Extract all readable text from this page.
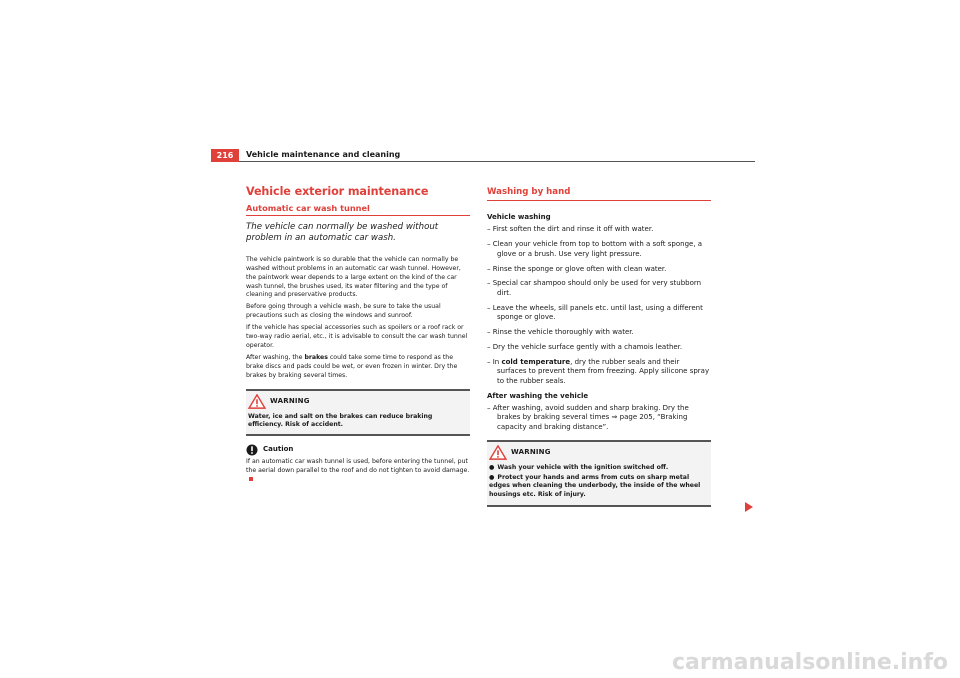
216	Vehicle maintenance and cleaning
Vehicle exterior maintenance
Automatic car wash tunnel
The vehicle can normally be washed without problem in an automatic car wash.

The vehicle paintwork is so durable that the vehicle can normally be washed without problems in an automatic car wash tunnel. However, the paintwork wear depends to a large extent on the kind of the car wash tunnel, the brushes used, its water filtering and the type of cleaning and preservative products.

Before going through a vehicle wash, be sure to take the usual precautions such as closing the windows and sunroof.

If the vehicle has special accessories such as spoilers or a roof rack or two-way radio aerial, etc., it is advisable to consult the car wash tunnel operator.

After washing, the brakes could take some time to respond as the brake discs and pads could be wet, or even frozen in winter. Dry the brakes by braking several times.

WARNING
Water, ice and salt on the brakes can reduce braking efficiency. Risk of accident.
Caution

If an automatic car wash tunnel is used, before entering the tunnel, put the aerial down parallel to the roof and do not tighten to avoid damage.

Washing by hand

Vehicle washing

– First soften the dirt and rinse it off with water.
– Clean your vehicle from top to bottom with a soft sponge, a glove or a brush. Use very light pressure.
– Rinse the sponge or glove often with clean water.
– Special car shampoo should only be used for very stubborn dirt.
– Leave the wheels, sill panels etc. until last, using a different sponge or glove.
– Rinse the vehicle thoroughly with water.
– Dry the vehicle surface gently with a chamois leather.
– In cold temperature, dry the rubber seals and their surfaces to prevent them from freezing. Apply silicone spray to the rubber seals.

After washing the vehicle

– After washing, avoid sudden and sharp braking. Dry the brakes by braking several times ⇒ page 205, “Braking capacity and braking distance”.
WARNING
● Wash your vehicle with the ignition switched off.
● Protect your hands and arms from cuts on sharp metal edges when cleaning the underbody, the inside of the wheel housings etc. Risk of injury.
carmanualsonline.info
